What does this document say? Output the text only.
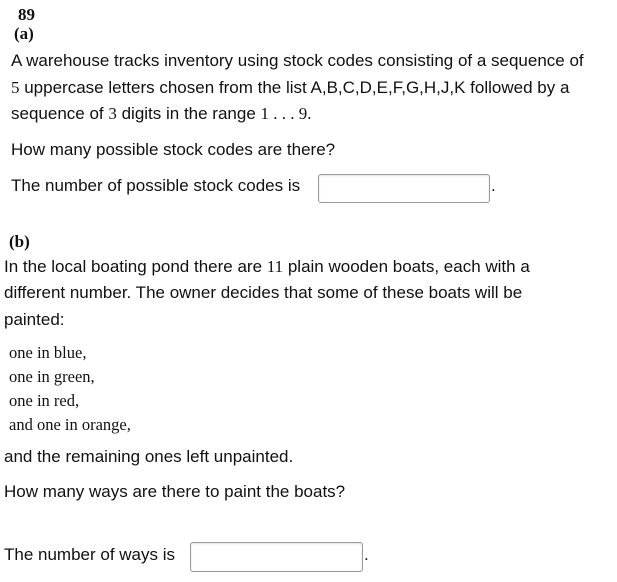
89
(a)
A warehouse tracks inventory using stock codes consisting of a sequence of
5 uppercase letters chosen from the list A,B,C,D,E,F,G,H,J,K followed by a
sequence of 3 digits in the range 1 . . . 9.
How many possible stock codes are there?
The number of possible stock codes is	.
(b)
In the local boating pond there are 11 plain wooden boats, each with a
different number. The owner decides that some of these boats will be
painted:
one in blue,
one in green,
one in red,
and one in orange,
and the remaining ones left unpainted.
How many ways are there to paint the boats?
The number of ways is	.
